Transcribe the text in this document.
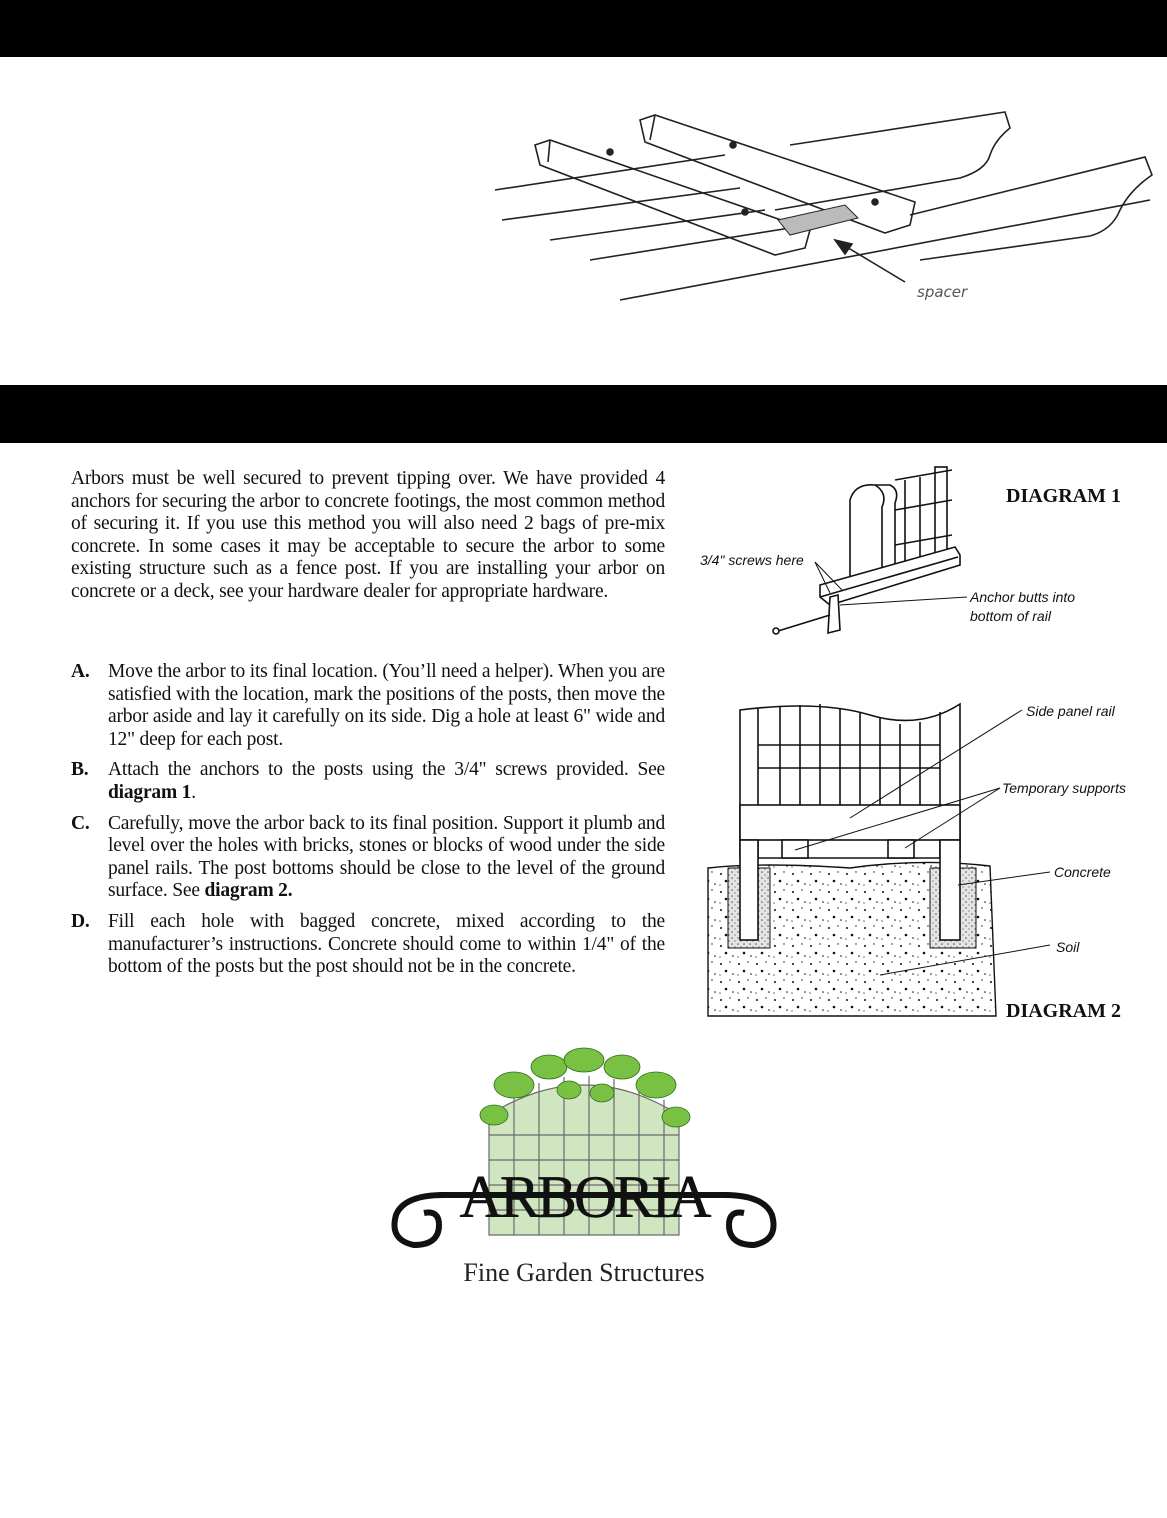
spacer

Arbors must be well secured to prevent tipping over. We have provided 4 anchors for securing the arbor to concrete footings, the most common method of securing it. If you use this method you will also need 2 bags of pre-mix concrete. In some cases it may be acceptable to secure the arbor to some existing structure such as a fence post. If you are installing your arbor on concrete or a deck, see your hardware dealer for appropriate hardware.

A. Move the arbor to its final location. (You’ll need a helper). When you are satisfied with the location, mark the positions of the posts, then move the arbor aside and lay it carefully on its side. Dig a hole at least 6" wide and 12" deep for each post.
B. Attach the anchors to the posts using the 3/4" screws provided. See diagram 1.
C. Carefully, move the arbor back to its final position. Support it plumb and level over the holes with bricks, stones or blocks of wood under the side panel rails. The post bottoms should be close to the level of the ground surface. See diagram 2.
D. Fill each hole with bagged concrete, mixed according to the manufacturer’s instructions. Concrete should come to within 1/4" of the bottom of the posts but the post should not be in the concrete.
DIAGRAM 1
3/4" screws here
Anchor butts into
bottom of rail
Side panel rail
Temporary supports
Concrete
Soil
DIAGRAM 2
ARBORIA
Fine Garden Structures
